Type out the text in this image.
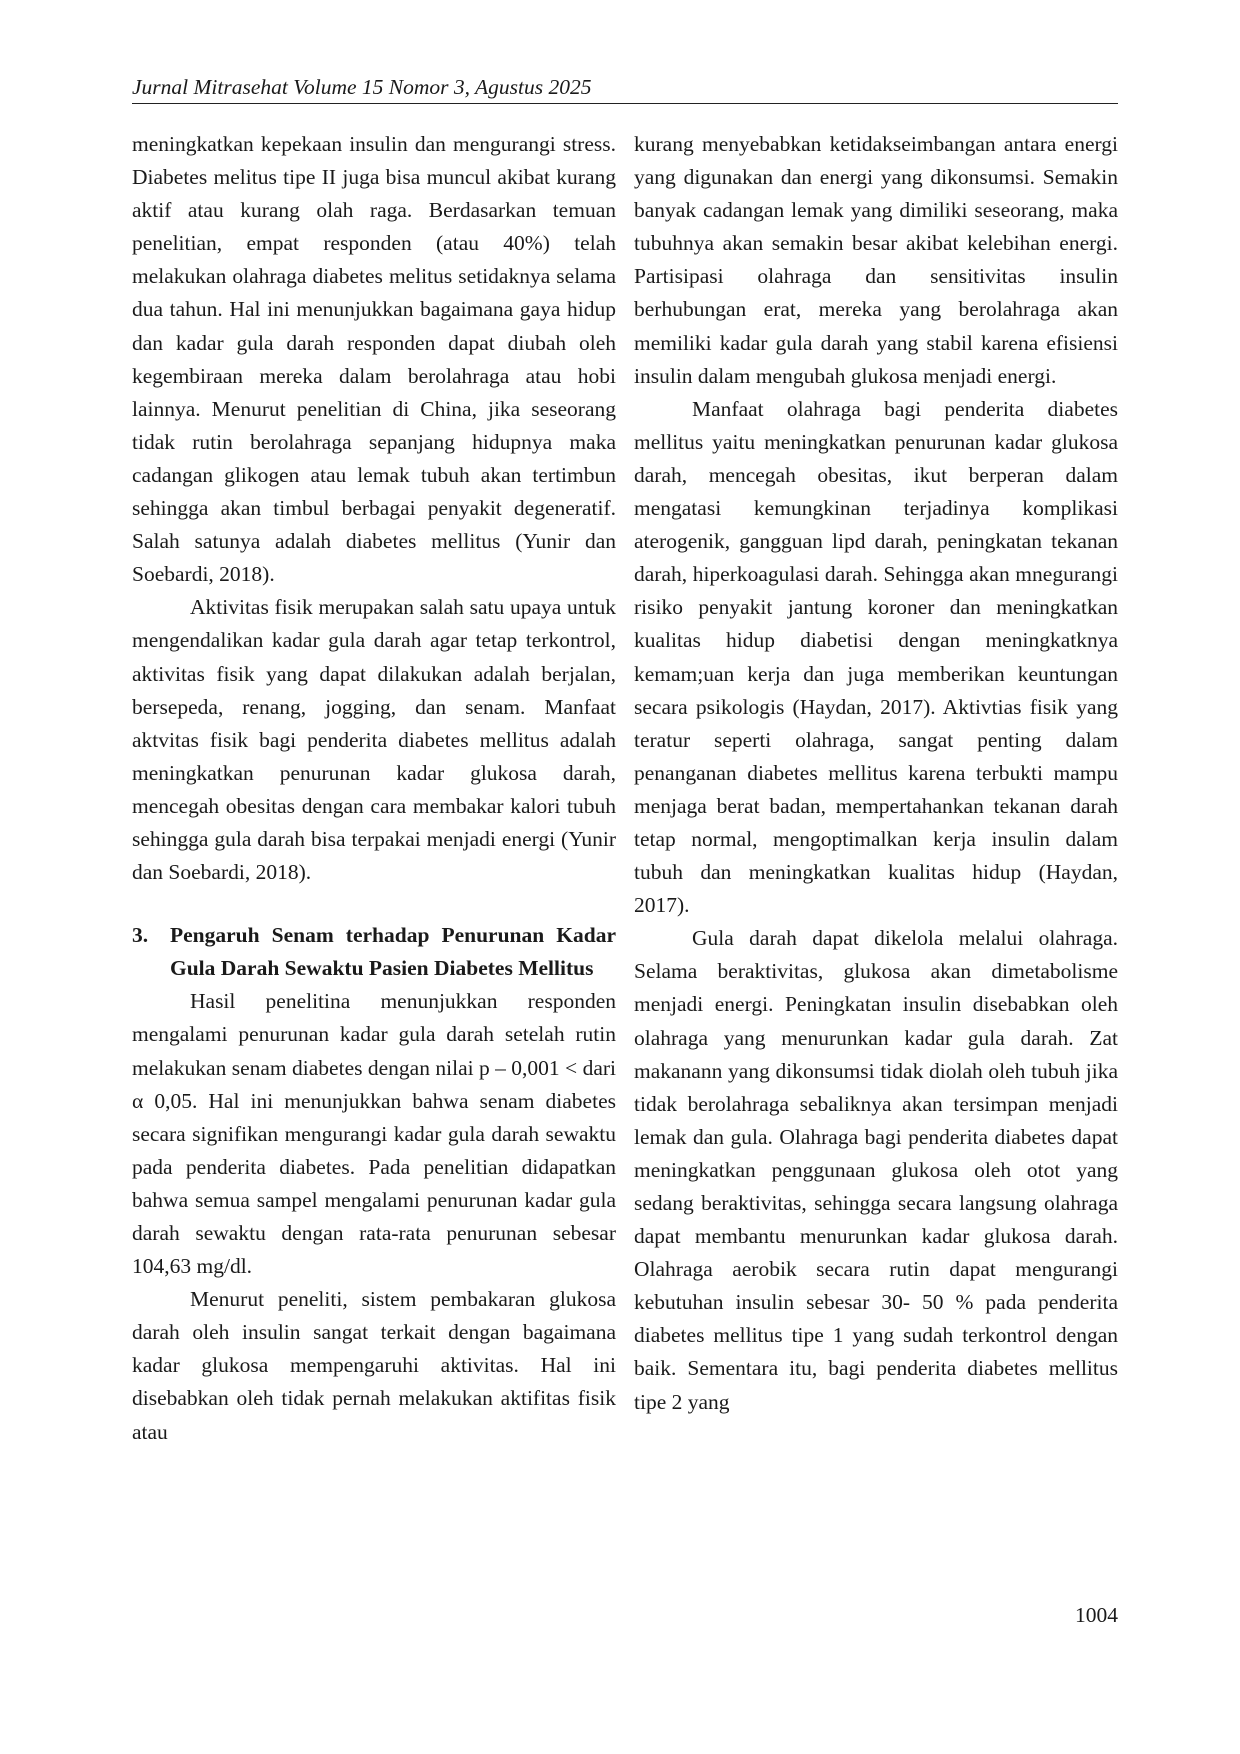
Jurnal Mitrasehat Volume 15 Nomor 3, Agustus 2025

meningkatkan kepekaan insulin dan mengurangi stress. Diabetes melitus tipe II juga bisa muncul akibat kurang aktif atau kurang olah raga. Berdasarkan temuan penelitian, empat responden (atau 40%) telah melakukan olahraga diabetes melitus setidaknya selama dua tahun. Hal ini menunjukkan bagaimana gaya hidup dan kadar gula darah responden dapat diubah oleh kegembiraan mereka dalam berolahraga atau hobi lainnya. Menurut penelitian di China, jika seseorang tidak rutin berolahraga sepanjang hidupnya maka cadangan glikogen atau lemak tubuh akan tertimbun sehingga akan timbul berbagai penyakit degeneratif. Salah satunya adalah diabetes mellitus (Yunir dan Soebardi, 2018).

Aktivitas fisik merupakan salah satu upaya untuk mengendalikan kadar gula darah agar tetap terkontrol, aktivitas fisik yang dapat dilakukan adalah berjalan, bersepeda, renang, jogging, dan senam. Manfaat aktvitas fisik bagi penderita diabetes mellitus adalah meningkatkan penurunan kadar glukosa darah, mencegah obesitas dengan cara membakar kalori tubuh sehingga gula darah bisa terpakai menjadi energi (Yunir dan Soebardi, 2018).

3.	Pengaruh Senam terhadap Penurunan Kadar Gula Darah Sewaktu Pasien Diabetes Mellitus

Hasil penelitina menunjukkan responden mengalami penurunan kadar gula darah setelah rutin melakukan senam diabetes dengan nilai p – 0,001 < dari α 0,05. Hal ini menunjukkan bahwa senam diabetes secara signifikan mengurangi kadar gula darah sewaktu pada penderita diabetes. Pada penelitian didapatkan bahwa semua sampel mengalami penurunan kadar gula darah sewaktu dengan rata-rata penurunan sebesar 104,63 mg/dl.

Menurut peneliti, sistem pembakaran glukosa darah oleh insulin sangat terkait dengan bagaimana kadar glukosa mempengaruhi aktivitas. Hal ini disebabkan oleh tidak pernah melakukan aktifitas fisik atau

kurang menyebabkan ketidakseimbangan antara energi yang digunakan dan energi yang dikonsumsi. Semakin banyak cadangan lemak yang dimiliki seseorang, maka tubuhnya akan semakin besar akibat kelebihan energi. Partisipasi olahraga dan sensitivitas insulin berhubungan erat, mereka yang berolahraga akan memiliki kadar gula darah yang stabil karena efisiensi insulin dalam mengubah glukosa menjadi energi.

Manfaat olahraga bagi penderita diabetes mellitus yaitu meningkatkan penurunan kadar glukosa darah, mencegah obesitas, ikut berperan dalam mengatasi kemungkinan terjadinya komplikasi aterogenik, gangguan lipd darah, peningkatan tekanan darah, hiperkoagulasi darah. Sehingga akan mnegurangi risiko penyakit jantung koroner dan meningkatkan kualitas hidup diabetisi dengan meningkatknya kemam;uan kerja dan juga memberikan keuntungan secara psikologis (Haydan, 2017). Aktivtias fisik yang teratur seperti olahraga, sangat penting dalam penanganan diabetes mellitus karena terbukti mampu menjaga berat badan, mempertahankan tekanan darah tetap normal, mengoptimalkan kerja insulin dalam tubuh dan meningkatkan kualitas hidup (Haydan, 2017).

Gula darah dapat dikelola melalui olahraga. Selama beraktivitas, glukosa akan dimetabolisme menjadi energi. Peningkatan insulin disebabkan oleh olahraga yang menurunkan kadar gula darah. Zat makanann yang dikonsumsi tidak diolah oleh tubuh jika tidak berolahraga sebaliknya akan tersimpan menjadi lemak dan gula. Olahraga bagi penderita diabetes dapat meningkatkan penggunaan glukosa oleh otot yang sedang beraktivitas, sehingga secara langsung olahraga dapat membantu menurunkan kadar glukosa darah. Olahraga aerobik secara rutin dapat mengurangi kebutuhan insulin sebesar 30- 50 % pada penderita diabetes mellitus tipe 1 yang sudah terkontrol dengan baik. Sementara itu, bagi penderita diabetes mellitus tipe 2 yang

1004
